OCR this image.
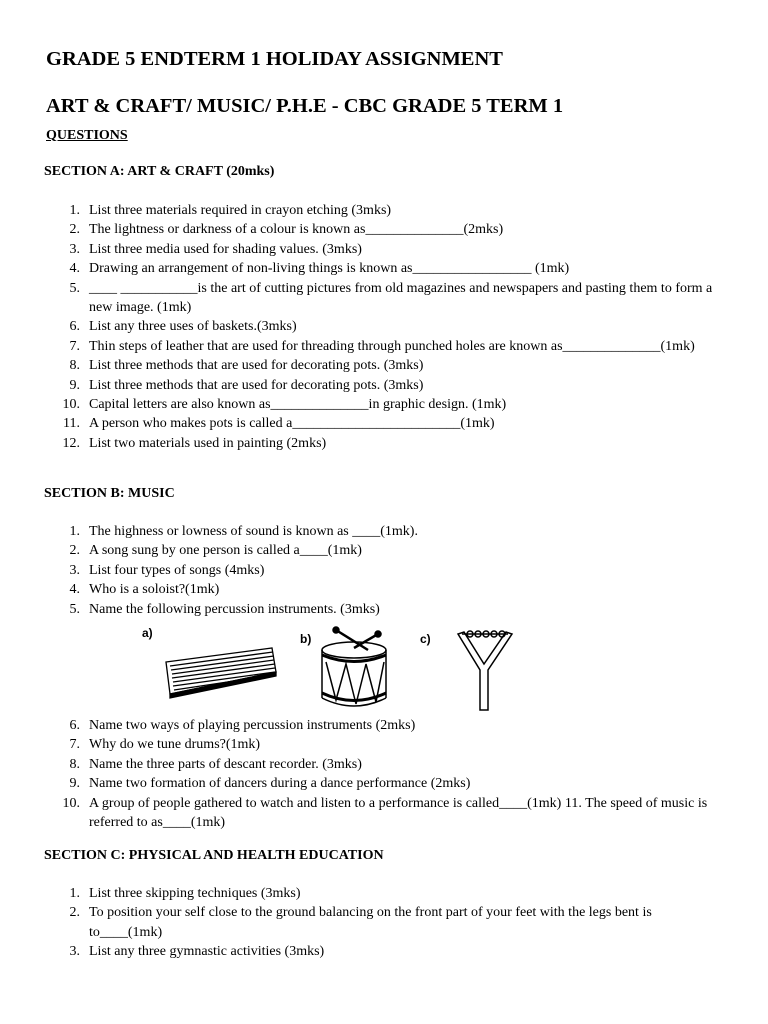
GRADE 5 ENDTERM 1 HOLIDAY ASSIGNMENT
ART & CRAFT/ MUSIC/ P.H.E - CBC GRADE 5 TERM 1
QUESTIONS
SECTION A: ART & CRAFT (20mks)
1. List three materials required in crayon etching (3mks)
2. The lightness or darkness of a colour is known as______________(2mks)
3. List three media used for shading values. (3mks)
4. Drawing an arrangement of non-living things is known as_________________ (1mk)
5. ____ ___________is the art of cutting pictures from old magazines and newspapers and pasting them to form a new image. (1mk)
6. List any three uses of baskets.(3mks)
7. Thin steps of leather that are used for threading through punched holes are known as______________(1mk)
8. List three methods that are used for decorating pots. (3mks)
9. List three methods that are used for decorating pots. (3mks)
10. Capital letters are also known as______________in graphic design. (1mk)
11. A person who makes pots is called a________________________(1mk)
12. List two materials used in painting (2mks)
SECTION B: MUSIC
1. The highness or lowness of sound is known as ____(1mk).
2. A song sung by one person is called a____(1mk)
3. List four types of songs (4mks)
4. Who is a soloist?(1mk)
5. Name the following percussion instruments. (3mks)
a)	b)	c)
6. Name two ways of playing percussion instruments (2mks)
7. Why do we tune drums?(1mk)
8. Name the three parts of descant recorder. (3mks)
9. Name two formation of dancers during a dance performance (2mks)
10. A group of people gathered to watch and listen to a performance is called____(1mk) 11. The speed of music is referred to as____(1mk)
SECTION C: PHYSICAL AND HEALTH EDUCATION
1. List three skipping techniques (3mks)
2. To position your self close to the ground balancing on the front part of your feet with the legs bent is to____(1mk)
3. List any three gymnastic activities (3mks)
